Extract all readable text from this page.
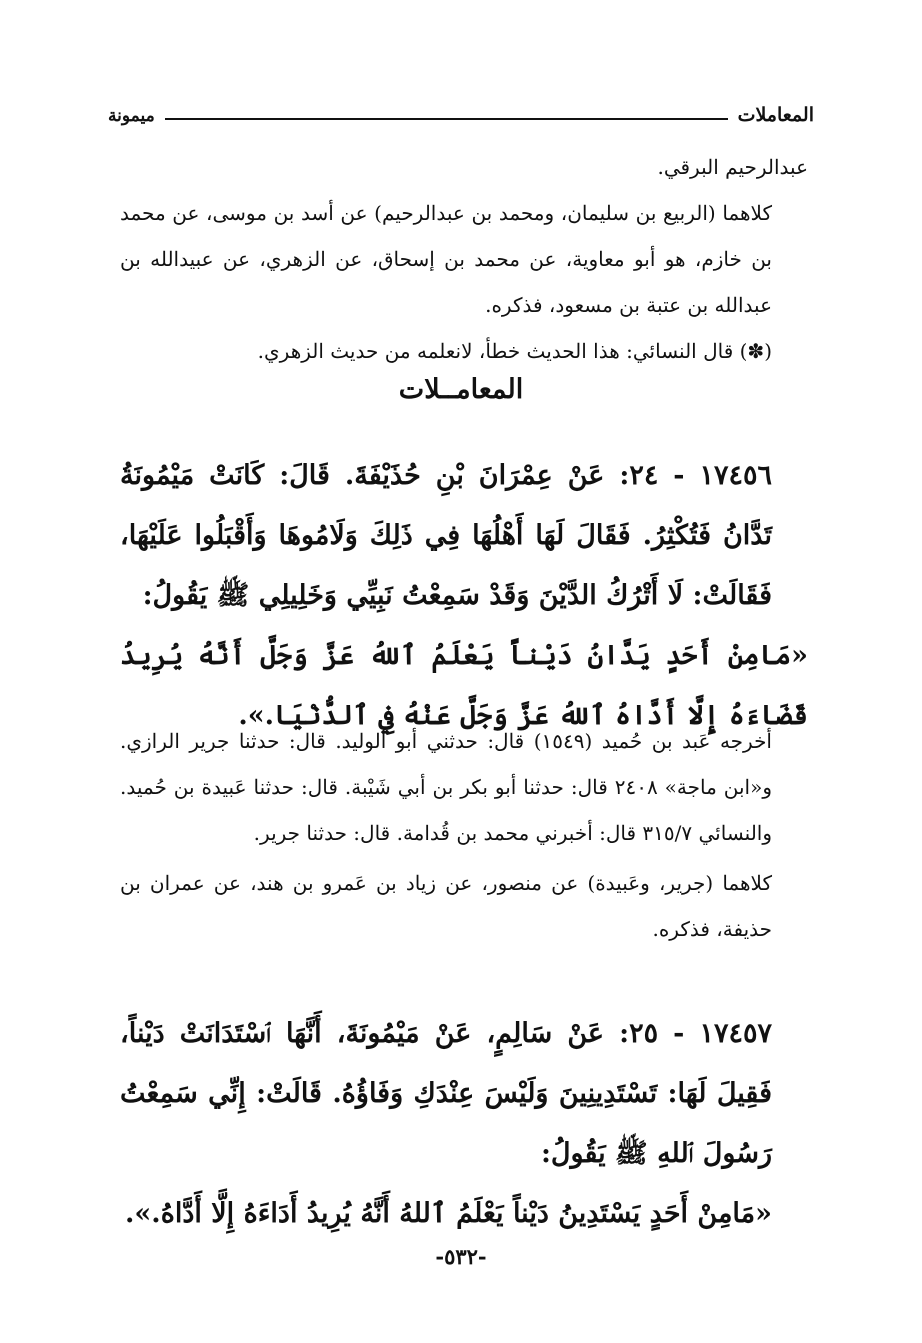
المعاملات
ميمونة

عبدالرحيم البرقي.

كلاهما (الربيع بن سليمان، ومحمد بن عبدالرحيم) عن أسد بن موسى، عن محمد بن خازم، هو أبو معاوية، عن محمد بن إسحاق، عن الزهري، عن عبيدالله بن عبدالله بن عتبة بن مسعود، فذكره.

(✽) قال النسائي: هذا الحديث خطأ، لانعلمه من حديث الزهري.

المعامــلات

١٧٤٥٦ - ٢٤: عَنْ عِمْرَانَ بْنِ حُذَيْفَةَ. قَالَ: كَانَتْ مَيْمُونَةُ تَدَّانُ فَتُكْثِرُ. فَقَالَ لَهَا أَهْلُهَا فِي ذَلِكَ وَلَامُوهَا وَأَقْبَلُوا عَلَيْهَا، فَقَالَتْ: لَا أَتْرُكُ الدَّيْنَ وَقَدْ سَمِعْتُ نَبِيِّي وَخَلِيلِي ﷺ يَقُولُ:

«مَامِنْ أَحَدٍ يَدَّانُ دَيْناً يَعْلَمُ ٱللهُ عَزَّ وَجَلَّ أَنَّهُ يُرِيدُ قَضَاءَهُ إِلَّا أَدَّاهُ ٱللهُ عَزَّ وَجَلَّ عَنْهُ فِي ٱلدُّنْيَا.».

أخرجه عَبد بن حُميد (١٥٤٩) قال: حدثني أبو الوليد. قال: حدثنا جرير الرازي. و«ابن ماجة» ٢٤٠٨ قال: حدثنا أبو بكر بن أبي شَيْبة. قال: حدثنا عَبيدة بن حُميد. والنسائي ٣١٥/٧ قال: أخبرني محمد بن قُدامة. قال: حدثنا جرير.

كلاهما (جرير، وعَبيدة) عن منصور، عن زياد بن عَمرو بن هند، عن عمران بن حذيفة، فذكره.

١٧٤٥٧ - ٢٥: عَنْ سَالِمٍ، عَنْ مَيْمُونَةَ، أَنَّهَا ٱسْتَدَانَتْ دَيْناً، فَقِيلَ لَهَا: تَسْتَدِينِينَ وَلَيْسَ عِنْدَكِ وَفَاؤُهُ. قَالَتْ: إِنِّي سَمِعْتُ رَسُولَ ٱللهِ ﷺ يَقُولُ:

«مَامِنْ أَحَدٍ يَسْتَدِينُ دَيْناً يَعْلَمُ ٱللهُ أَنَّهُ يُرِيدُ أَدَاءَهُ إِلَّا أَدَّاهُ.».

-٥٣٢-
